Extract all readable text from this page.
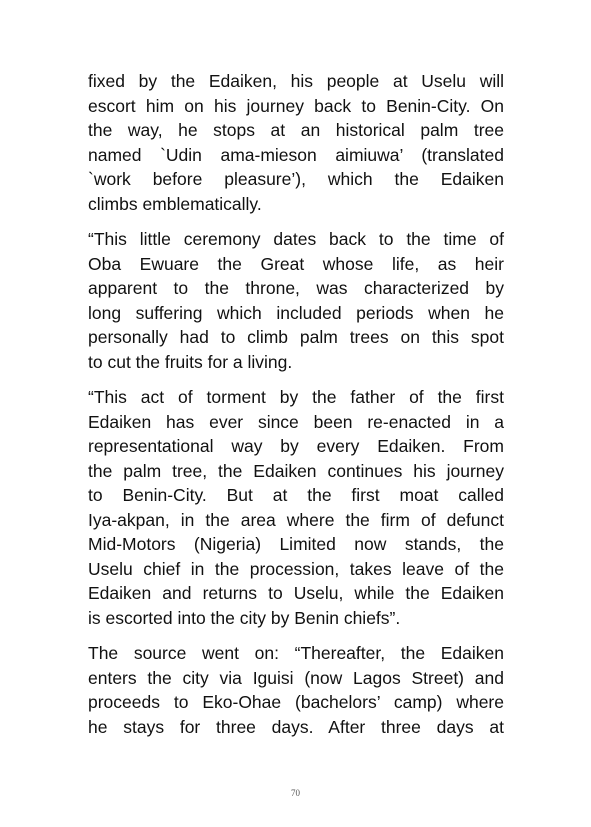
fixed by the Edaiken, his people at Uselu will
escort him on his journey back to Benin-City. On
the way, he stops at an historical palm tree
named `Udin ama-mieson aimiuwa’ (translated
`work before pleasure’), which the Edaiken
climbs emblematically.

“This little ceremony dates back to the time of
Oba Ewuare the Great whose life, as heir
apparent to the throne, was characterized by
long suffering which included periods when he
personally had to climb palm trees on this spot
to cut the fruits for a living.

“This act of torment by the father of the first
Edaiken has ever since been re-enacted in a
representational way by every Edaiken. From
the palm tree, the Edaiken continues his journey
to Benin-City. But at the first moat called
Iya-akpan, in the area where the firm of defunct
Mid-Motors (Nigeria) Limited now stands, the
Uselu chief in the procession, takes leave of the
Edaiken and returns to Uselu, while the Edaiken
is escorted into the city by Benin chiefs”.

The source went on: “Thereafter, the Edaiken
enters the city via Iguisi (now Lagos Street) and
proceeds to Eko-Ohae (bachelors’ camp) where
he stays for three days. After three days at

70
